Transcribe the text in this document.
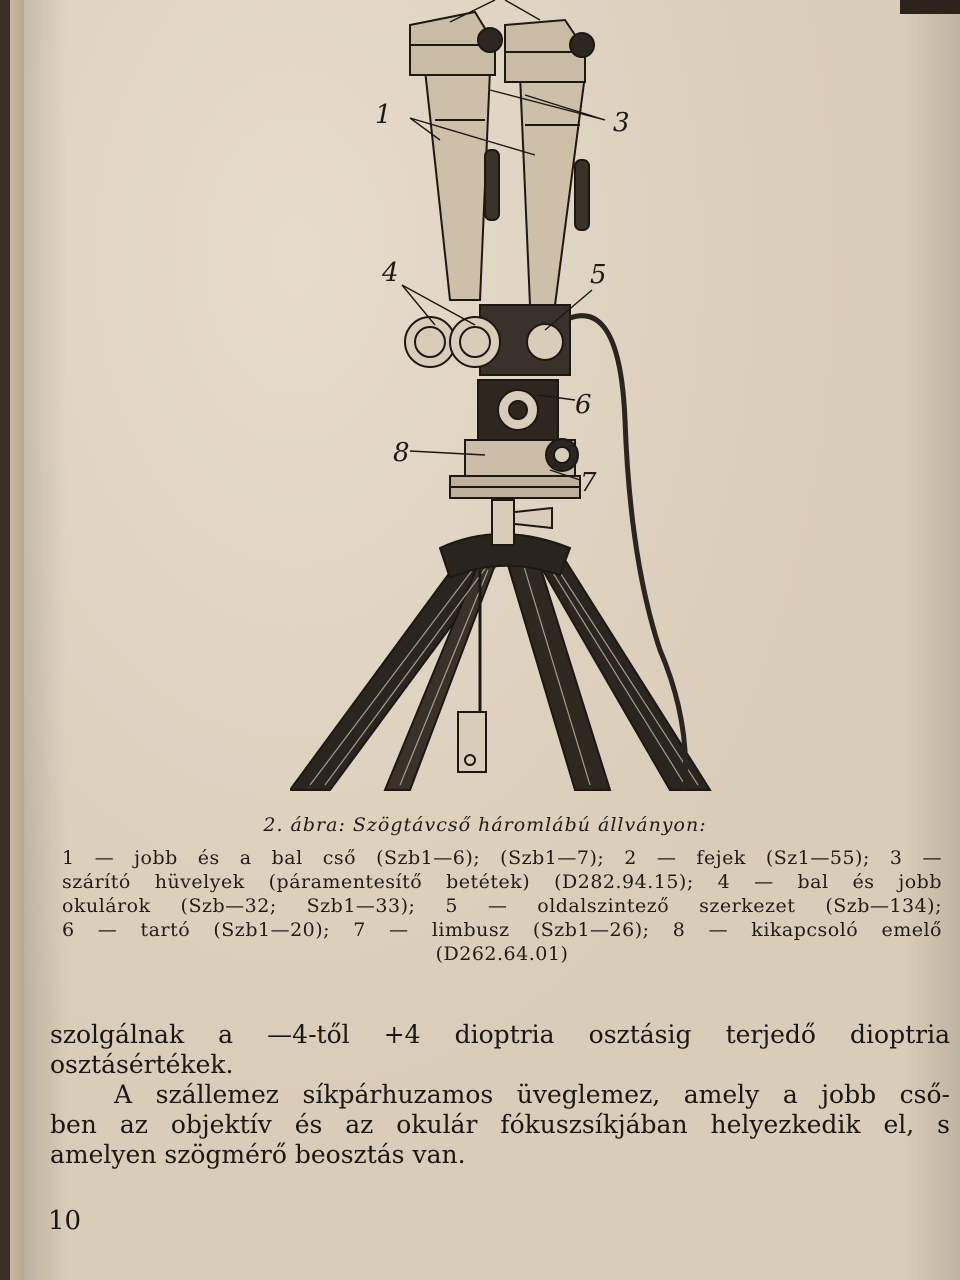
1	3
4	5
6
8
7
2. ábra: Szögtávcső háromlábú állványon:
1 — jobb és a bal cső (Szb1—6); (Szb1—7); 2 — fejek (Sz1—55); 3 —
szárító hüvelyek (páramentesítő betétek) (D282.94.15); 4 — bal és jobb
okulárok (Szb—32; Szb1—33); 5 — oldalszintező szerkezet (Szb—134);
6 — tartó (Szb1—20); 7 — limbusz (Szb1—26); 8 — kikapcsoló emelő
(D262.64.01)
szolgálnak a —4-től +4 dioptria osztásig terjedő dioptria
osztásértékek.
A szállemez síkpárhuzamos üveglemez, amely a jobb cső-
ben az objektív és az okulár fókuszsíkjában helyezkedik el, s
amelyen szögmérő beosztás van.
10
